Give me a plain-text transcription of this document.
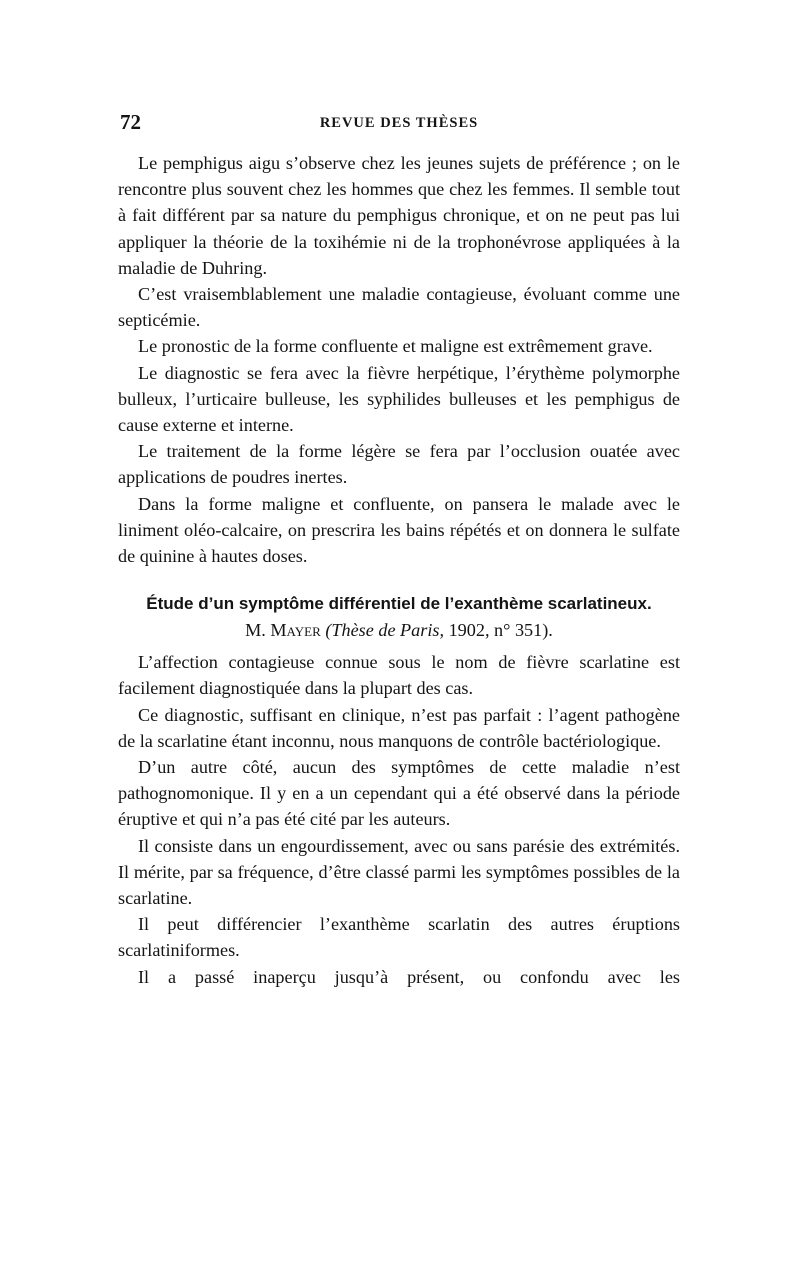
72	REVUE DES THÈSES

Le pemphigus aigu s’observe chez les jeunes sujets de préférence ; on le rencontre plus souvent chez les hommes que chez les femmes. Il semble tout à fait différent par sa nature du pemphigus chronique, et on ne peut pas lui appliquer la théorie de la toxihémie ni de la trophonévrose appliquées à la maladie de Duhring.

C’est vraisemblablement une maladie contagieuse, évoluant comme une septicémie.

Le pronostic de la forme confluente et maligne est extrêmement grave.

Le diagnostic se fera avec la fièvre herpétique, l’érythème polymorphe bulleux, l’urticaire bulleuse, les syphilides bulleuses et les pemphigus de cause externe et interne.

Le traitement de la forme légère se fera par l’occlusion ouatée avec applications de poudres inertes.

Dans la forme maligne et confluente, on pansera le malade avec le liniment oléo-calcaire, on prescrira les bains répétés et on donnera le sulfate de quinine à hautes doses.

Étude d’un symptôme différentiel de l’exanthème scarlatineux.
M. Mayer (Thèse de Paris, 1902, n° 351).

L’affection contagieuse connue sous le nom de fièvre scarlatine est facilement diagnostiquée dans la plupart des cas.

Ce diagnostic, suffisant en clinique, n’est pas parfait : l’agent pathogène de la scarlatine étant inconnu, nous manquons de contrôle bactériologique.

D’un autre côté, aucun des symptômes de cette maladie n’est pathognomonique. Il y en a un cependant qui a été observé dans la période éruptive et qui n’a pas été cité par les auteurs.

Il consiste dans un engourdissement, avec ou sans parésie des extrémités. Il mérite, par sa fréquence, d’être classé parmi les symptômes possibles de la scarlatine.

Il peut différencier l’exanthème scarlatin des autres éruptions scarlatiniformes.

Il a passé inaperçu jusqu’à présent, ou confondu avec les
